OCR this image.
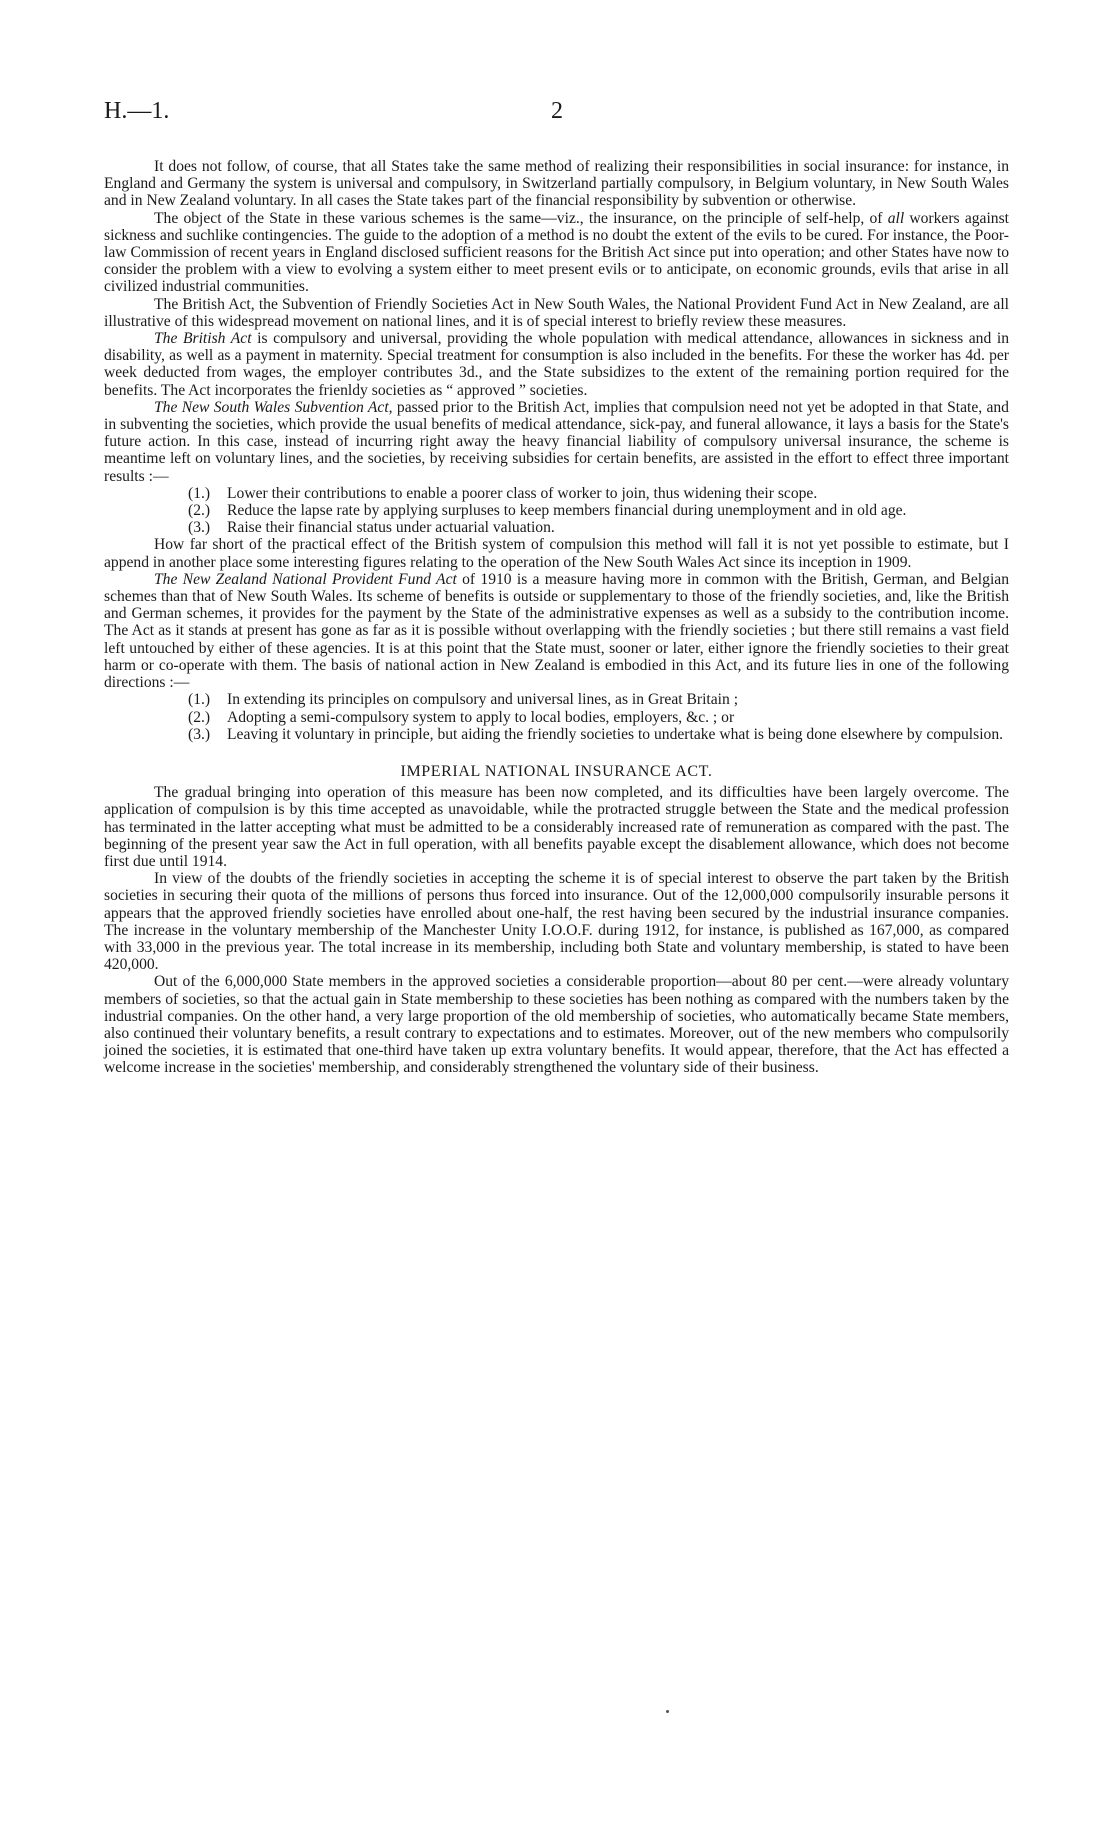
H.—1.	2

It does not follow, of course, that all States take the same method of realizing their responsibilities in social insurance: for instance, in England and Germany the system is universal and compulsory, in Switzerland partially compulsory, in Belgium voluntary, in New South Wales and in New Zealand voluntary. In all cases the State takes part of the financial responsibility by subvention or otherwise.

The object of the State in these various schemes is the same—viz., the insurance, on the principle of self-help, of all workers against sickness and suchlike contingencies. The guide to the adoption of a method is no doubt the extent of the evils to be cured. For instance, the Poor-law Commission of recent years in England disclosed sufficient reasons for the British Act since put into operation; and other States have now to consider the problem with a view to evolving a system either to meet present evils or to anticipate, on economic grounds, evils that arise in all civilized industrial communities.

The British Act, the Subvention of Friendly Societies Act in New South Wales, the National Provident Fund Act in New Zealand, are all illustrative of this widespread movement on national lines, and it is of special interest to briefly review these measures.

The British Act is compulsory and universal, providing the whole population with medical attendance, allowances in sickness and in disability, as well as a payment in maternity. Special treatment for consumption is also included in the benefits. For these the worker has 4d. per week deducted from wages, the employer contributes 3d., and the State subsidizes to the extent of the remaining portion required for the benefits. The Act incorporates the frienldy societies as “ approved ” societies.

The New South Wales Subvention Act, passed prior to the British Act, implies that compulsion need not yet be adopted in that State, and in subventing the societies, which provide the usual benefits of medical attendance, sick-pay, and funeral allowance, it lays a basis for the State's future action. In this case, instead of incurring right away the heavy financial liability of compulsory universal insurance, the scheme is meantime left on voluntary lines, and the societies, by receiving subsidies for certain benefits, are assisted in the effort to effect three important results :—

(1.) Lower their contributions to enable a poorer class of worker to join, thus widening their scope.
(2.) Reduce the lapse rate by applying surpluses to keep members financial during unemployment and in old age.
(3.) Raise their financial status under actuarial valuation.

How far short of the practical effect of the British system of compulsion this method will fall it is not yet possible to estimate, but I append in another place some interesting figures relating to the operation of the New South Wales Act since its inception in 1909.

The New Zealand National Provident Fund Act of 1910 is a measure having more in common with the British, German, and Belgian schemes than that of New South Wales. Its scheme of benefits is outside or supplementary to those of the friendly societies, and, like the British and German schemes, it provides for the payment by the State of the administrative expenses as well as a subsidy to the contribution income. The Act as it stands at present has gone as far as it is possible without overlapping with the friendly societies ; but there still remains a vast field left untouched by either of these agencies. It is at this point that the State must, sooner or later, either ignore the friendly societies to their great harm or co-operate with them. The basis of national action in New Zealand is embodied in this Act, and its future lies in one of the following directions :—

(1.) In extending its principles on compulsory and universal lines, as in Great Britain ;
(2.) Adopting a semi-compulsory system to apply to local bodies, employers, &c. ; or
(3.) Leaving it voluntary in principle, but aiding the friendly societies to undertake what is being done elsewhere by compulsion.
IMPERIAL NATIONAL INSURANCE ACT.

The gradual bringing into operation of this measure has been now completed, and its difficulties have been largely overcome. The application of compulsion is by this time accepted as unavoidable, while the protracted struggle between the State and the medical profession has terminated in the latter accepting what must be admitted to be a considerably increased rate of remuneration as compared with the past. The beginning of the present year saw the Act in full operation, with all benefits payable except the disablement allowance, which does not become first due until 1914.

In view of the doubts of the friendly societies in accepting the scheme it is of special interest to observe the part taken by the British societies in securing their quota of the millions of persons thus forced into insurance. Out of the 12,000,000 compulsorily insurable persons it appears that the approved friendly societies have enrolled about one-half, the rest having been secured by the industrial insurance companies. The increase in the voluntary membership of the Manchester Unity I.O.O.F. during 1912, for instance, is published as 167,000, as compared with 33,000 in the previous year. The total increase in its membership, including both State and voluntary membership, is stated to have been 420,000.

Out of the 6,000,000 State members in the approved societies a considerable proportion—about 80 per cent.—were already voluntary members of societies, so that the actual gain in State membership to these societies has been nothing as compared with the numbers taken by the industrial companies. On the other hand, a very large proportion of the old membership of societies, who automatically became State members, also continued their voluntary benefits, a result contrary to expectations and to estimates. Moreover, out of the new members who compulsorily joined the societies, it is estimated that one-third have taken up extra voluntary benefits. It would appear, therefore, that the Act has effected a welcome increase in the societies' membership, and considerably strengthened the voluntary side of their business.
